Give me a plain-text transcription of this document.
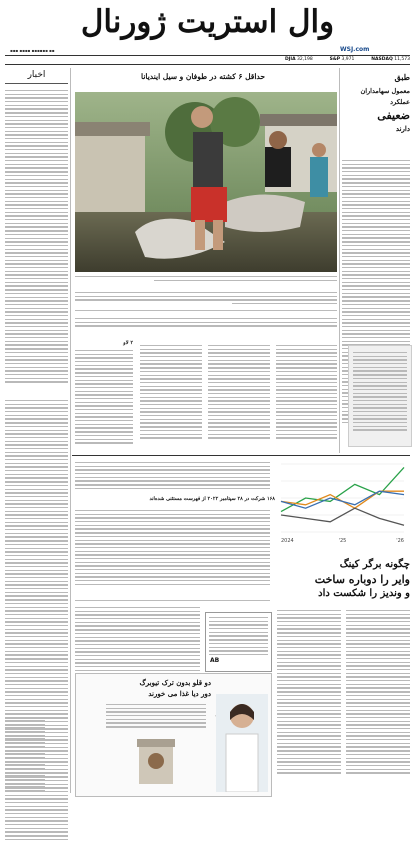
وال استریت ژورنال
▪▪▪ ▪▪▪▪ ▪▪▪▪▪▪ ▪▪	WSJ.com
DJIA 32,198	S&P 3,971	NASDAQ 11,573
اخبار	حداقل ۶ کشته در طوفان و سیل ایندیانا	طبق
معمول سهامداران
عملکرد
ضعیفی
دارند
۲ لاو
۱۶۸ شرکت در ۲۸ سپتامبر ۲۰۲۲ از فهرست مستثنی شده‌اند
2024	'25	'26
چگونه برگر کینگ
وایر را دوباره ساخت
و وندیز را شکست داد
AB
دو قلو بدون ترک تیوبرگ
دور دیا غذا می خورند
